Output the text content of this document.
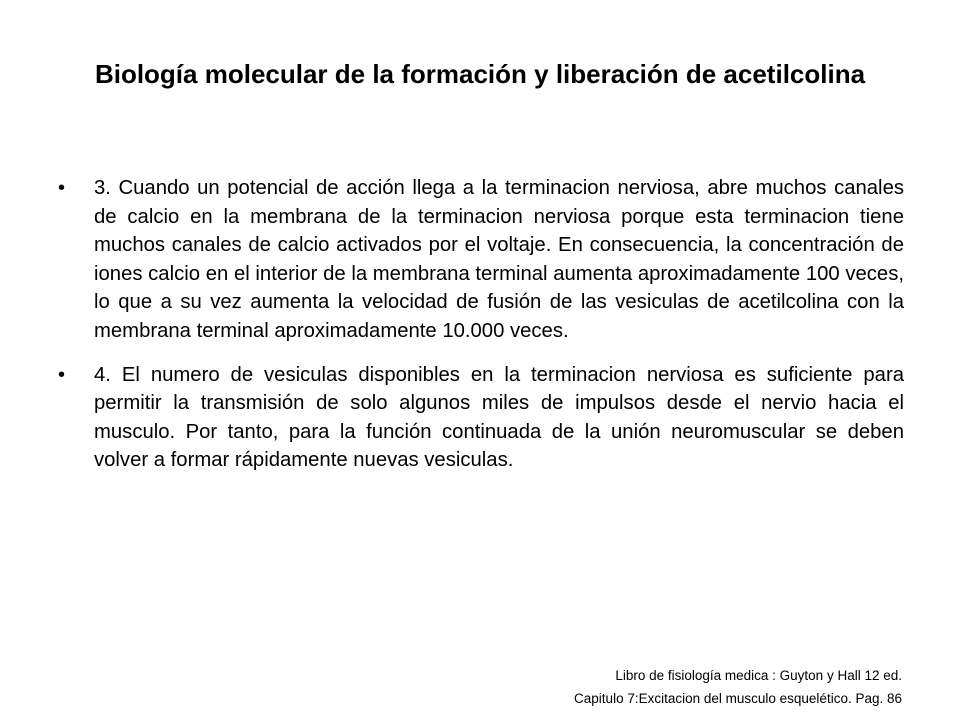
Biología molecular de la formación y liberación de acetilcolina
•	3. Cuando un potencial de acción llega a la terminacion nerviosa, abre muchos canales de calcio en la membrana de la terminacion nerviosa porque esta terminacion tiene muchos canales de calcio activados por el voltaje. En consecuencia, la concentración de iones calcio en el interior de la membrana terminal aumenta aproximadamente 100 veces, lo que a su vez aumenta la velocidad de fusión de las vesiculas de acetilcolina con la membrana terminal aproximadamente 10.000 veces.
•	4. El numero de vesiculas disponibles en la terminacion nerviosa es suficiente para permitir la transmisión de solo algunos miles de impulsos desde el nervio hacia el musculo. Por tanto, para la función continuada de la unión neuromuscular se deben volver a formar rápidamente nuevas vesiculas.
Libro de fisiología medica : Guyton y Hall 12 ed.
Capitulo 7:Excitacion del musculo esquelético. Pag. 86
